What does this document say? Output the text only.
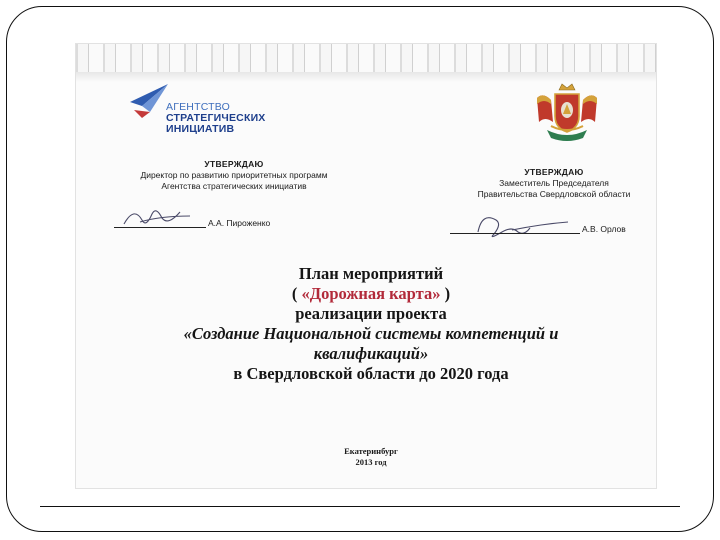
АГЕНТСТВО
СТРАТЕГИЧЕСКИХ
ИНИЦИАТИВ
УТВЕРЖДАЮ
Директор по развитию приоритетных программ
Агентства стратегических инициатив
А.А. Пироженко
УТВЕРЖДАЮ
Заместитель Председателя
Правительства Свердловской области
А.В. Орлов
План мероприятий
( «Дорожная карта» )
реализации проекта
«Создание Национальной системы компетенций и
квалификаций»
в Свердловской области до 2020 года
Екатеринбург
2013 год
